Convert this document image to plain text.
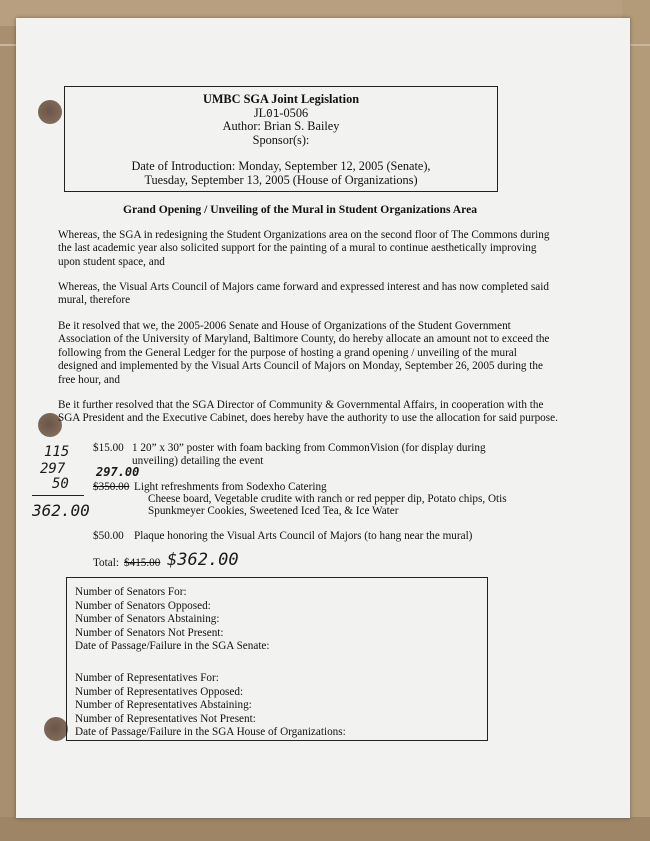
UMBC SGA Joint Legislation
JL01-0506
Author: Brian S. Bailey
Sponsor(s):
Date of Introduction: Monday, September 12, 2005 (Senate),
Tuesday, September 13, 2005 (House of Organizations)
Grand Opening / Unveiling of the Mural in Student Organizations Area
Whereas, the SGA in redesigning the Student Organizations area on the second floor of The Commons during the last academic year also solicited support for the painting of a mural to continue aesthetically improving upon student space, and
Whereas, the Visual Arts Council of Majors came forward and expressed interest and has now completed said mural, therefore
Be it resolved that we, the 2005-2006 Senate and House of Organizations of the Student Government Association of the University of Maryland, Baltimore County, do hereby allocate an amount not to exceed the following from the General Ledger for the purpose of hosting a grand opening / unveiling of the mural designed and implemented by the Visual Arts Council of Majors on Monday, September 26, 2005 during the free hour, and
Be it further resolved that the SGA Director of Community & Governmental Affairs, in cooperation with the SGA President and the Executive Cabinet, does hereby have the authority to use the allocation for said purpose.
$15.00 1 20” x 30” poster with foam backing from CommonVision (for display during
unveiling) detailing the event
$350.00 Light refreshments from Sodexho Catering
Cheese board, Vegetable crudite with ranch or red pepper dip, Potato chips, Otis
Spunkmeyer Cookies, Sweetened Iced Tea, & Ice Water
$50.00 Plaque honoring the Visual Arts Council of Majors (to hang near the mural)
Total: $415.00 $362.00
115
297
50
362.00
297.00
Number of Senators For:
Number of Senators Opposed:
Number of Senators Abstaining:
Number of Senators Not Present:
Date of Passage/Failure in the SGA Senate:
Number of Representatives For:
Number of Representatives Opposed:
Number of Representatives Abstaining:
Number of Representatives Not Present:
Date of Passage/Failure in the SGA House of Organizations:
